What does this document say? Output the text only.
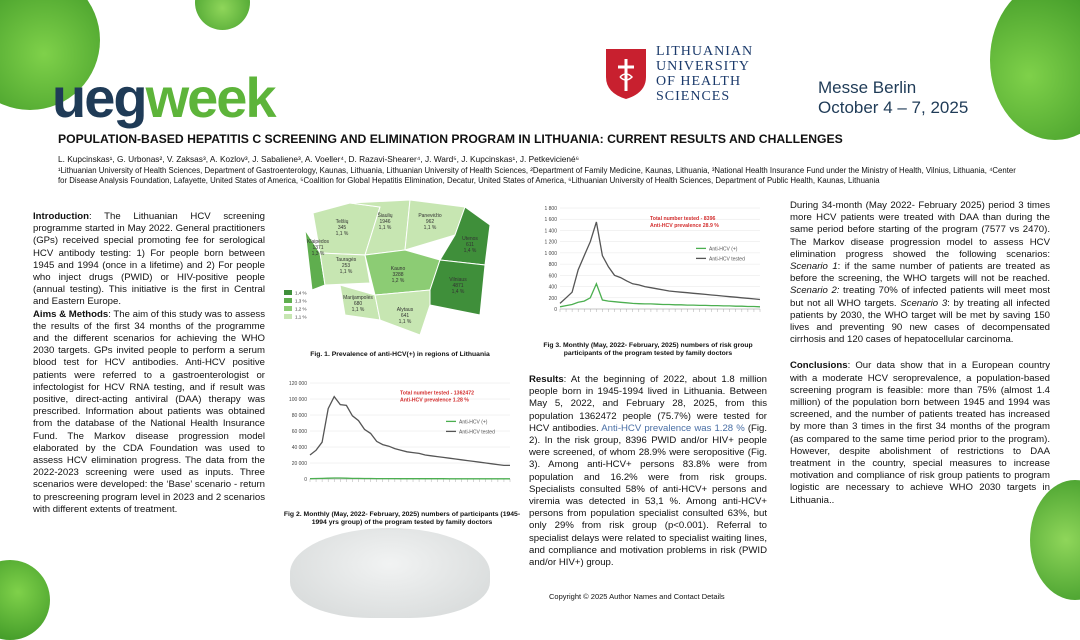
uegweek
LITHUANIAN
UNIVERSITY
OF HEALTH
SCIENCES	Messe Berlin
October 4 – 7, 2025
POPULATION-BASED HEPATITIS C SCREENING AND ELIMINATION PROGRAM IN LITHUANIA: CURRENT RESULTS AND CHALLENGES
L. Kupcinskas¹, G. Urbonas², V. Zaksas³, A. Kozlov³, J. Sabaliene³, A. Voeller⁴, D. Razavi-Shearer⁴, J. Ward⁵, J. Kupcinskas¹, J. Petkeviciené⁶
¹Lithuanian University of Health Sciences, Department of Gastroenterology, Kaunas, Lithuania, Lithuanian University of Health Sciences, ²Department of Family Medicine, Kaunas, Lithuania, ³National Health Insurance Fund under the Ministry of Health, Vilnius, Lithuania, ⁴Center for Disease Analysis Foundation, Lafayette, United States of America, ⁵Coalition for Global Hepatitis Elimination, Decatur, United States of America, ⁶Lithuanian University of Health Sciences, Department of Public Health, Kaunas, Lithuania
Introduction: The Lithuanian HCV screening programme started in May 2022. General practitioners (GPs) received special promoting fee for serological HCV antibody testing: 1) For people born between 1945 and 1994 (once in a lifetime) and 2) For people who inject drugs (PWID) or HIV-positive people (annual testing). This initiative is the first in Central and Eastern Europe.
Aims & Methods: The aim of this study was to assess the results of the first 34 months of the programme and the different scenarios for achieving the WHO 2030 targets. GPs invited people to perform a serum blood test for HCV antibodies. Anti-HCV positive patients were referred to a gastroenterologist or infectologist for HCV RNA testing, and if result was positive, direct-acting antiviral (DAA) therapy was prescribed. Information about patients was obtained from the database of the National Health Insurance Fund. The Markov disease progression model elaborated by the CDA Foundation was used to assess HCV elimination progress. The data from the 2022-2023 screening were used as inputs. Three scenarios were developed: the ‘Base’ scenario - return to prescreening program level in 2023 and 2 scenarios with different extents of treatment.
Telšių
345
1,1 %
Šiaulių
1946
1,1 %
Panevėžio
962
1,1 %
Klaipėdos
1371
1,3 %
Tauragės
253
1,1 %
Utenos
611
1,4 %
Kauno
3288
1,2 %	Vilniaus
4871
1,4 %
Marijampolės
680
1,1 %	Alytaus
641
1,1 %
1,4 %
1,3 %
1,2 %
1,1 %
Fig. 1. Prevalence of anti-HCV(+) in regions of Lithuania
0
20 000
40 000
60 000
80 000
100 000
120 000
Total number tested - 1362472
Anti-HCV prevalence 1.28 %
Anti-HCV (+)
Anti-HCV tested
Fig 2. Monthly (May, 2022- February, 2025) numbers of participants (1945-1994 yrs group) of the program tested by family doctors
0
200
400
600
800
1 000
1 200
1 400
1 600
1 800
Total number tested - 8396
Anti-HCV prevalence 28.9 %
Anti-HCV (+)
Anti-HCV tested
Fig 3. Monthly (May, 2022- February, 2025) numbers of risk group participants of the program tested by family doctors
Results: At the beginning of 2022, about 1.8 million people born in 1945-1994 lived in Lithuania. Between May 5, 2022, and February 28, 2025, from this population 1362472 people (75.7%) were tested for HCV antibodies. Anti-HCV prevalence was 1.28 % (Fig. 2). In the risk group, 8396 PWID and/or HIV+ people were screened, of whom 28.9% were seropositive (Fig. 3). Among anti-HCV+ persons 83.8% were from population and 16.2% were from risk groups. Specialists consulted 58% of anti-HCV+ persons and viremia was detected in 53,1 %. Among anti-HCV+ persons from population specialist consulted 63%, but only 29% from risk group (p<0.001). Referral to specialist delays were related to specialist waiting lines, and compliance and motivation problems in risk (PWID and/or HIV+) group.
During 34-month (May 2022- February 2025) period 3 times more HCV patients were treated with DAA than during the same period before starting of the program (7577 vs 2470). The Markov disease progression model to assess HCV elimination progress showed the following scenarios: Scenario 1: if the same number of patients are treated as before the screening, the WHO targets will not be reached. Scenario 2: treating 70% of infected patients will meet most but not all WHO targets. Scenario 3: by treating all infected patients by 2030, the WHO target will be met by saving 150 lives and preventing 90 new cases of decompensated cirrhosis and 120 cases of hepatocellular carcinoma.
Conclusions: Our data show that in a European country with a moderate HCV seroprevalence, a population-based screening program is feasible: more than 75% (almost 1.4 million) of the population born between 1945 and 1994 was screened, and the number of patients treated has increased by more than 3 times in the first 34 months of the program (as compared to the same time period prior to the program). However, despite abolishment of restrictions to DAA treatment in the country, special measures to increase motivation and compliance of risk group patients to program logistic are necessary to achieve WHO 2030 targets in Lithuania..
Copyright © 2025 Author Names and Contact Details
